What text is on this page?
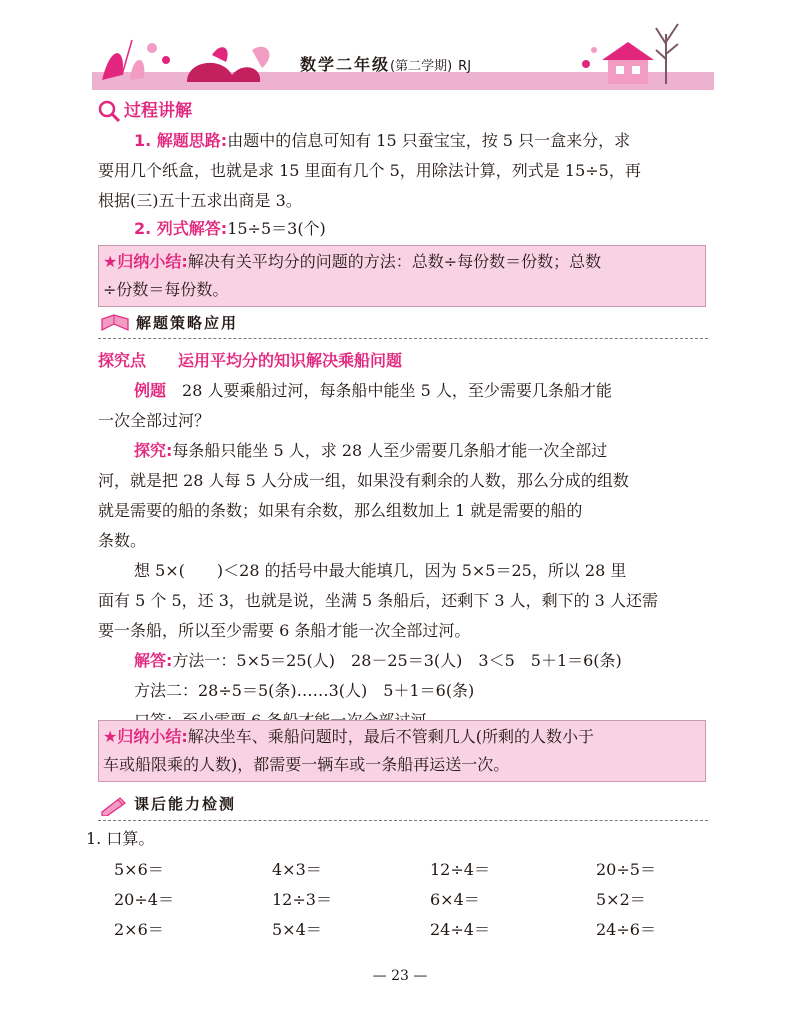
数学二年级(第二学期) RJ
过程讲解
1. 解题思路:由题中的信息可知有 15 只蚕宝宝，按 5 只一盒来分，求
要用几个纸盒，也就是求 15 里面有几个 5，用除法计算，列式是 15÷5，再
根据(三)五十五求出商是 3。
2. 列式解答:15÷5＝3(个)
★归纳小结:解决有关平均分的问题的方法：总数÷每份数＝份数；总数
÷份数＝每份数。
解题策略应用
探究点　　 运用平均分的知识解决乘船问题
例题　 28 人要乘船过河，每条船中能坐 5 人，至少需要几条船才能
一次全部过河？
探究:每条船只能坐 5 人，求 28 人至少需要几条船才能一次全部过
河，就是把 28 人每 5 人分成一组，如果没有剩余的人数，那么分成的组数
就是需要的船的条数；如果有余数，那么组数加上 1 就是需要的船的
条数。
想 5×(　　)＜28 的括号中最大能填几，因为 5×5＝25，所以 28 里
面有 5 个 5，还 3，也就是说，坐满 5 条船后，还剩下 3 人，剩下的 3 人还需
要一条船，所以至少需要 6 条船才能一次全部过河。
解答:方法一：5×5＝25(人)　28－25＝3(人)　3＜5　5＋1＝6(条)
方法二：28÷5＝5(条)……3(人)　5＋1＝6(条)
★归纳小结:解决坐车、乘船问题时，最后不管剩几人(所剩的人数小于
车或船限乘的人数)，都需要一辆车或一条船再运送一次。
课后能力检测
1. 口算。
5×6＝	4×3＝	12÷4＝	20÷5＝
20÷4＝	12÷3＝	6×4＝	5×2＝
2×6＝	5×4＝	24÷4＝	24÷6＝
— 23 —
